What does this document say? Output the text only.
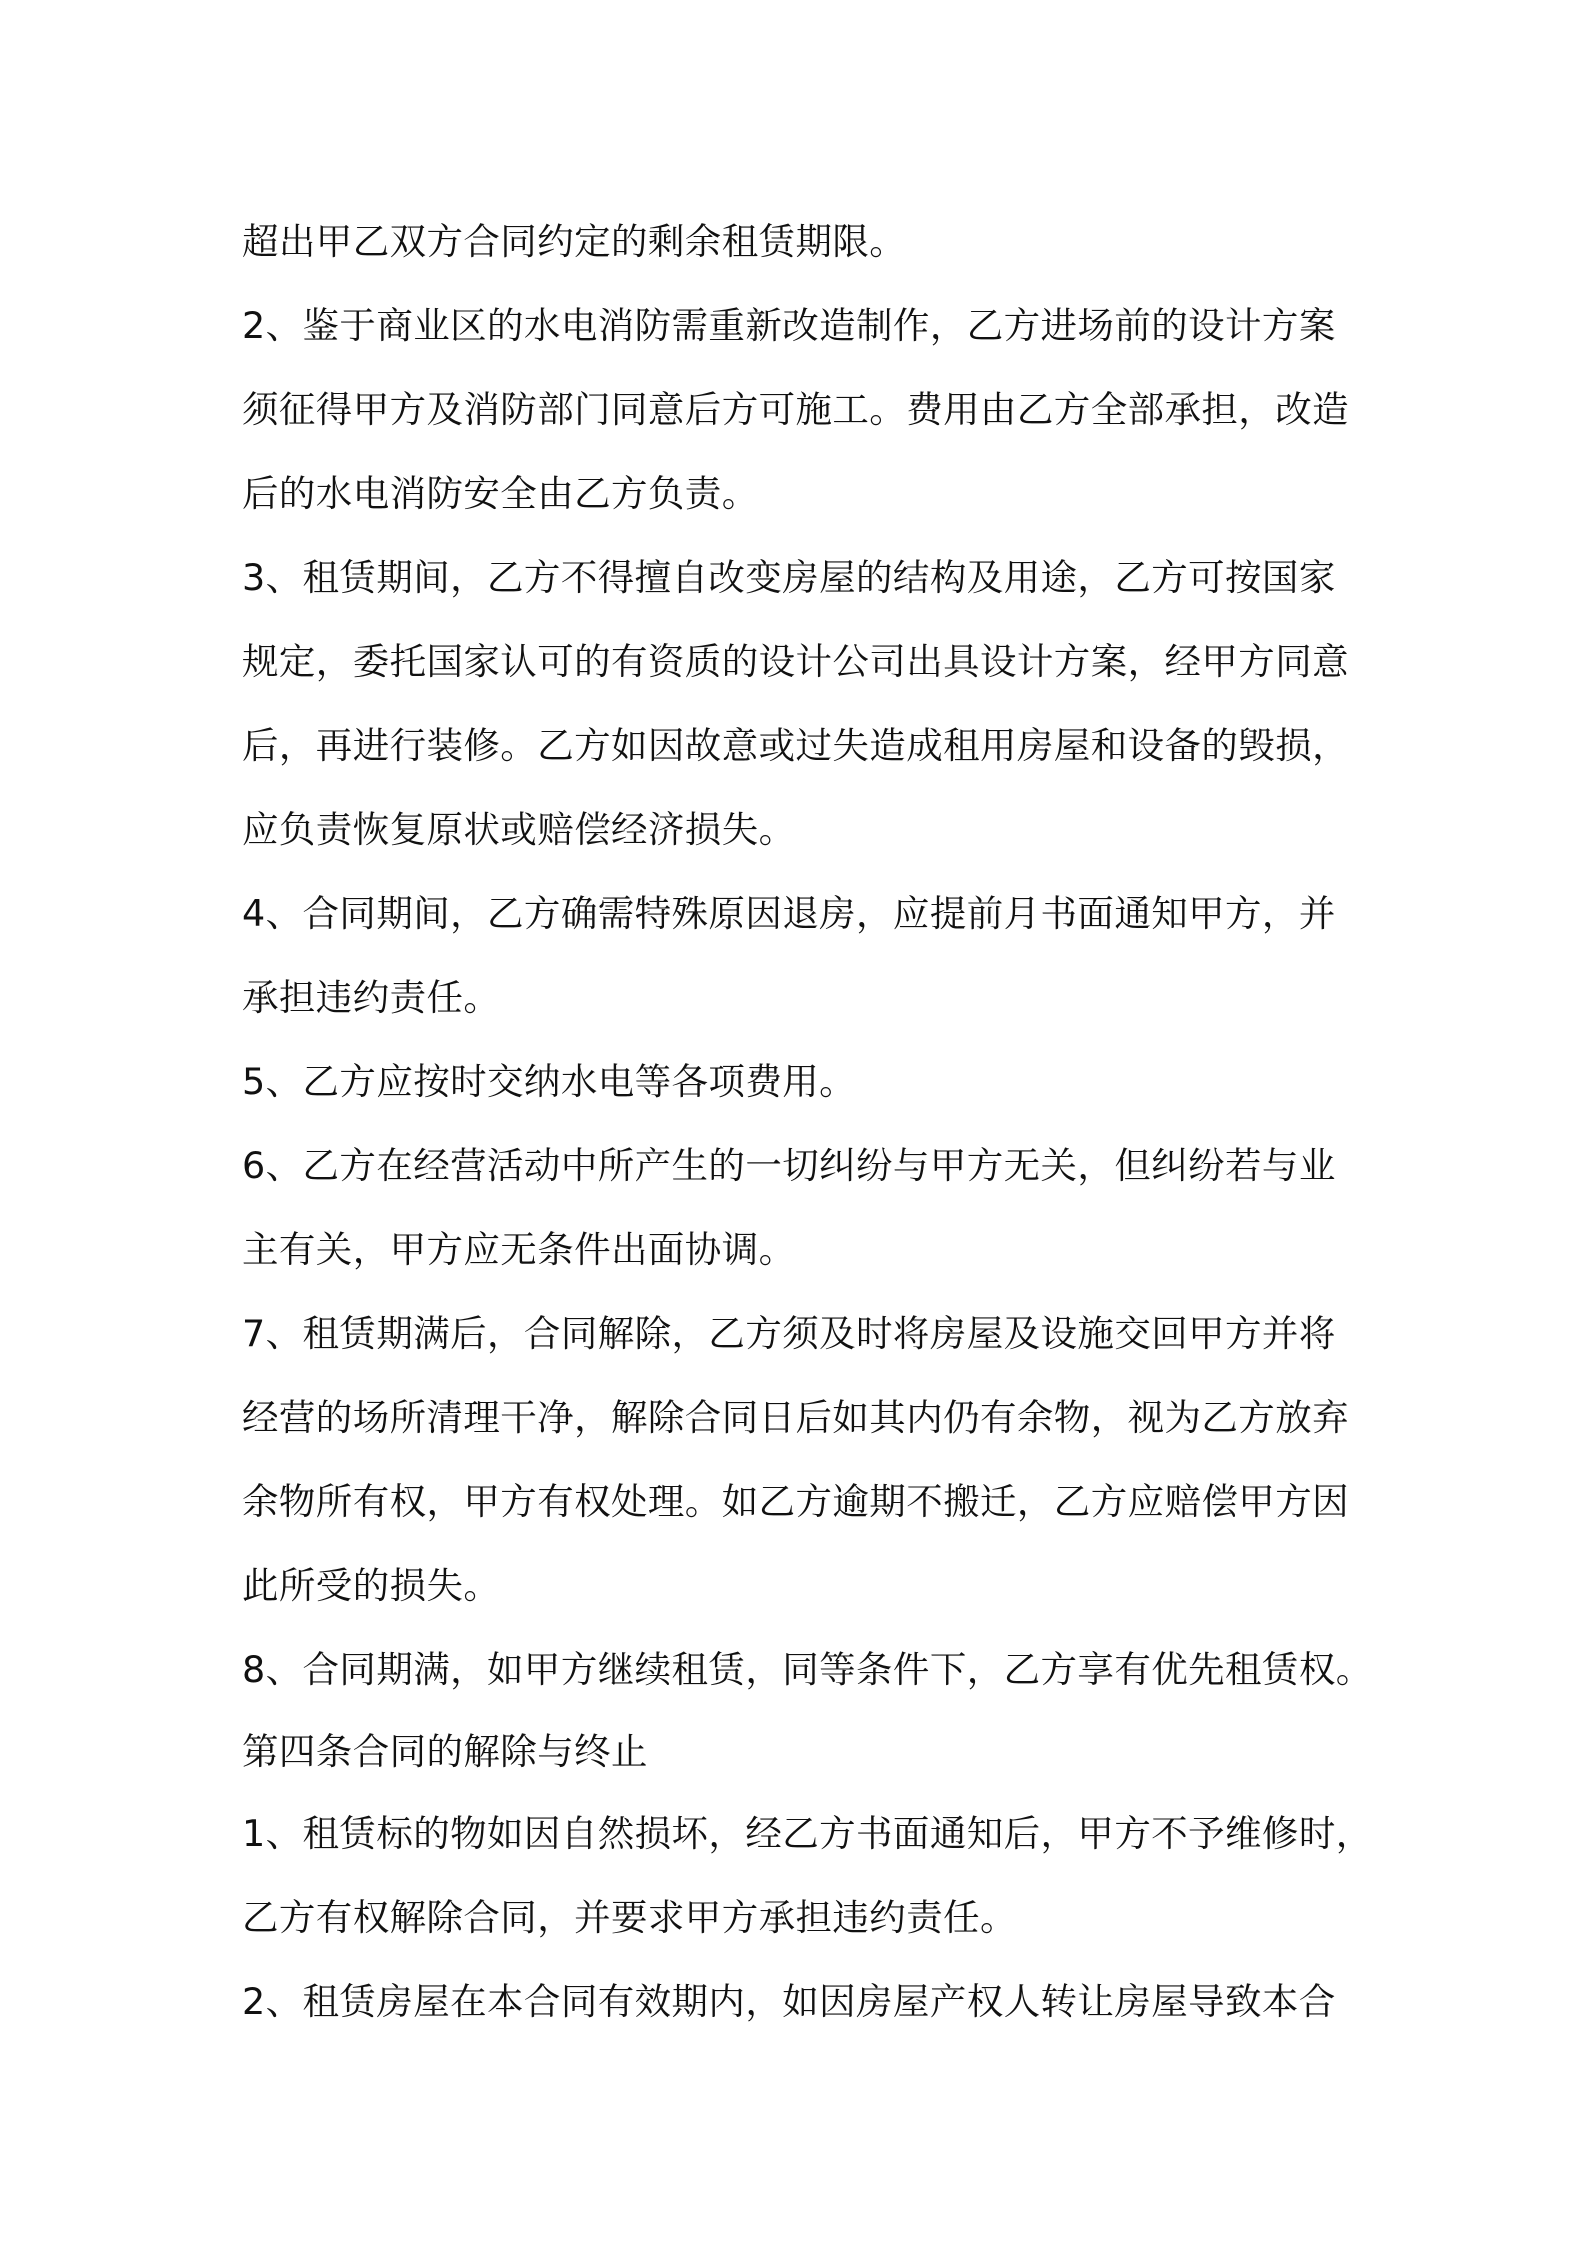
超出甲乙双方合同约定的剩余租赁期限。
2、鉴于商业区的水电消防需重新改造制作，乙方进场前的设计方案
须征得甲方及消防部门同意后方可施工。费用由乙方全部承担，改造
后的水电消防安全由乙方负责。
3、租赁期间，乙方不得擅自改变房屋的结构及用途，乙方可按国家
规定，委托国家认可的有资质的设计公司出具设计方案，经甲方同意
后，再进行装修。乙方如因故意或过失造成租用房屋和设备的毁损，
应负责恢复原状或赔偿经济损失。
4、合同期间，乙方确需特殊原因退房，应提前月书面通知甲方，并
承担违约责任。
5、乙方应按时交纳水电等各项费用。
6、乙方在经营活动中所产生的一切纠纷与甲方无关，但纠纷若与业
主有关，甲方应无条件出面协调。
7、租赁期满后，合同解除，乙方须及时将房屋及设施交回甲方并将
经营的场所清理干净，解除合同日后如其内仍有余物，视为乙方放弃
余物所有权，甲方有权处理。如乙方逾期不搬迁，乙方应赔偿甲方因
此所受的损失。
8、合同期满，如甲方继续租赁，同等条件下，乙方享有优先租赁权。
第四条合同的解除与终止
1、租赁标的物如因自然损坏，经乙方书面通知后，甲方不予维修时，
乙方有权解除合同，并要求甲方承担违约责任。
2、租赁房屋在本合同有效期内，如因房屋产权人转让房屋导致本合
